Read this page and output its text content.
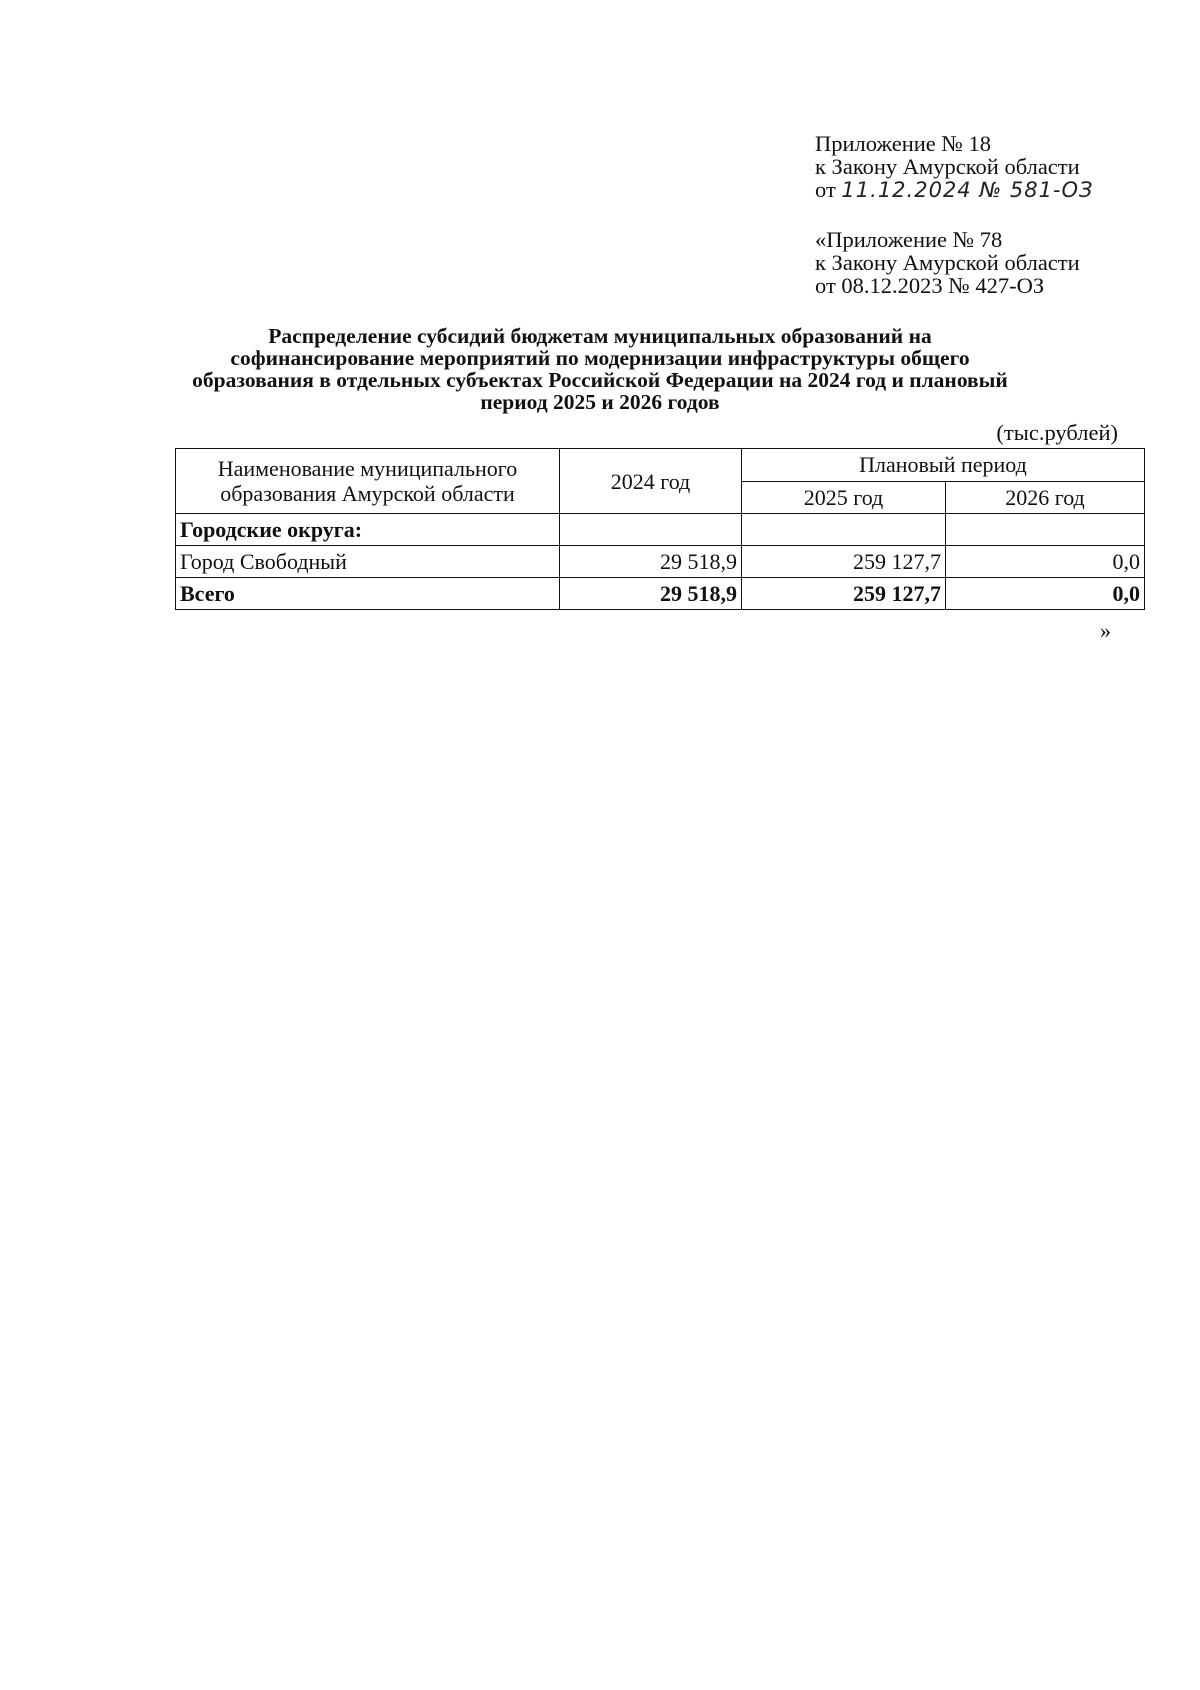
Приложение № 18
к Закону Амурской области
от 11.12.2024 № 581-ОЗ
«Приложение № 78
к Закону Амурской области
от 08.12.2023 № 427-ОЗ
Распределение субсидий бюджетам муниципальных образований на
софинансирование мероприятий по модернизации инфраструктуры общего
образования в отдельных субъектах Российской Федерации на 2024 год и плановый
период 2025 и 2026 годов
(тыс.рублей)
Наименование муниципального
образования Амурской области	2024 год	Плановый период	
		2025 год	2026 год
Городские округа:			
Город Свободный	29 518,9	259 127,7	0,0
Всего	29 518,9	259 127,7	0,0
»
